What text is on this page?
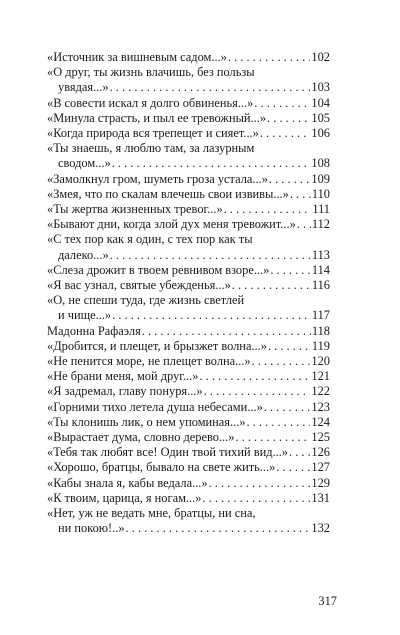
«Источник за вишневым садом...» . . .	102
«О друг, ты жизнь влачишь, без пользы
увядая...» . . .	103
«В совести искал я долго обвиненья...» . . .	104
«Минула страсть, и пыл ее тревожный...» . . .	105
«Когда природа вся трепещет и сияет...» . . .	106
«Ты знаешь, я люблю там, за лазурным
сводом...» . . .	108
«Замолкнул гром, шуметь гроза устала...» . . .	109
«Змея, что по скалам влечешь свои извивы...» . . . 110
«Ты жертва жизненных тревог...» . . .	111
«Бывают дни, когда злой дух меня тревожит...» . . . 112
«С тех пор как я один, с тех пор как ты
далеко...» . . .	113
«Слеза дрожит в твоем ревнивом взоре...» . . .	114
«Я вас узнал, святые убежденья...» . . .	116
«О, не спеши туда, где жизнь светлей
и чище...» . . .	117
Мадонна Рафаэля . . .	118
«Дробится, и плещет, и брызжет волна...» . . .	119
«Не пенится море, не плещет волна...» . . .	120
«Не брани меня, мой друг...» . . .	121
«Я задремал, главу понуря...» . . .	122
«Горними тихо летела душа небесами...» . . .	123
«Ты клонишь лик, о нем упоминая...» . . .	124
«Вырастает дума, словно дерево...» . . .	125
«Тебя так любят все! Один твой тихий вид...» . . . 126
«Хорошо, братцы, бывало на свете жить...» . . .	127
«Кабы знала я, кабы ведала...» . . .	129
«К твоим, царица, я ногам...» . . .	131
«Нет, уж не ведать мне, братцы, ни сна,
ни покою!..» . . .	132
317
